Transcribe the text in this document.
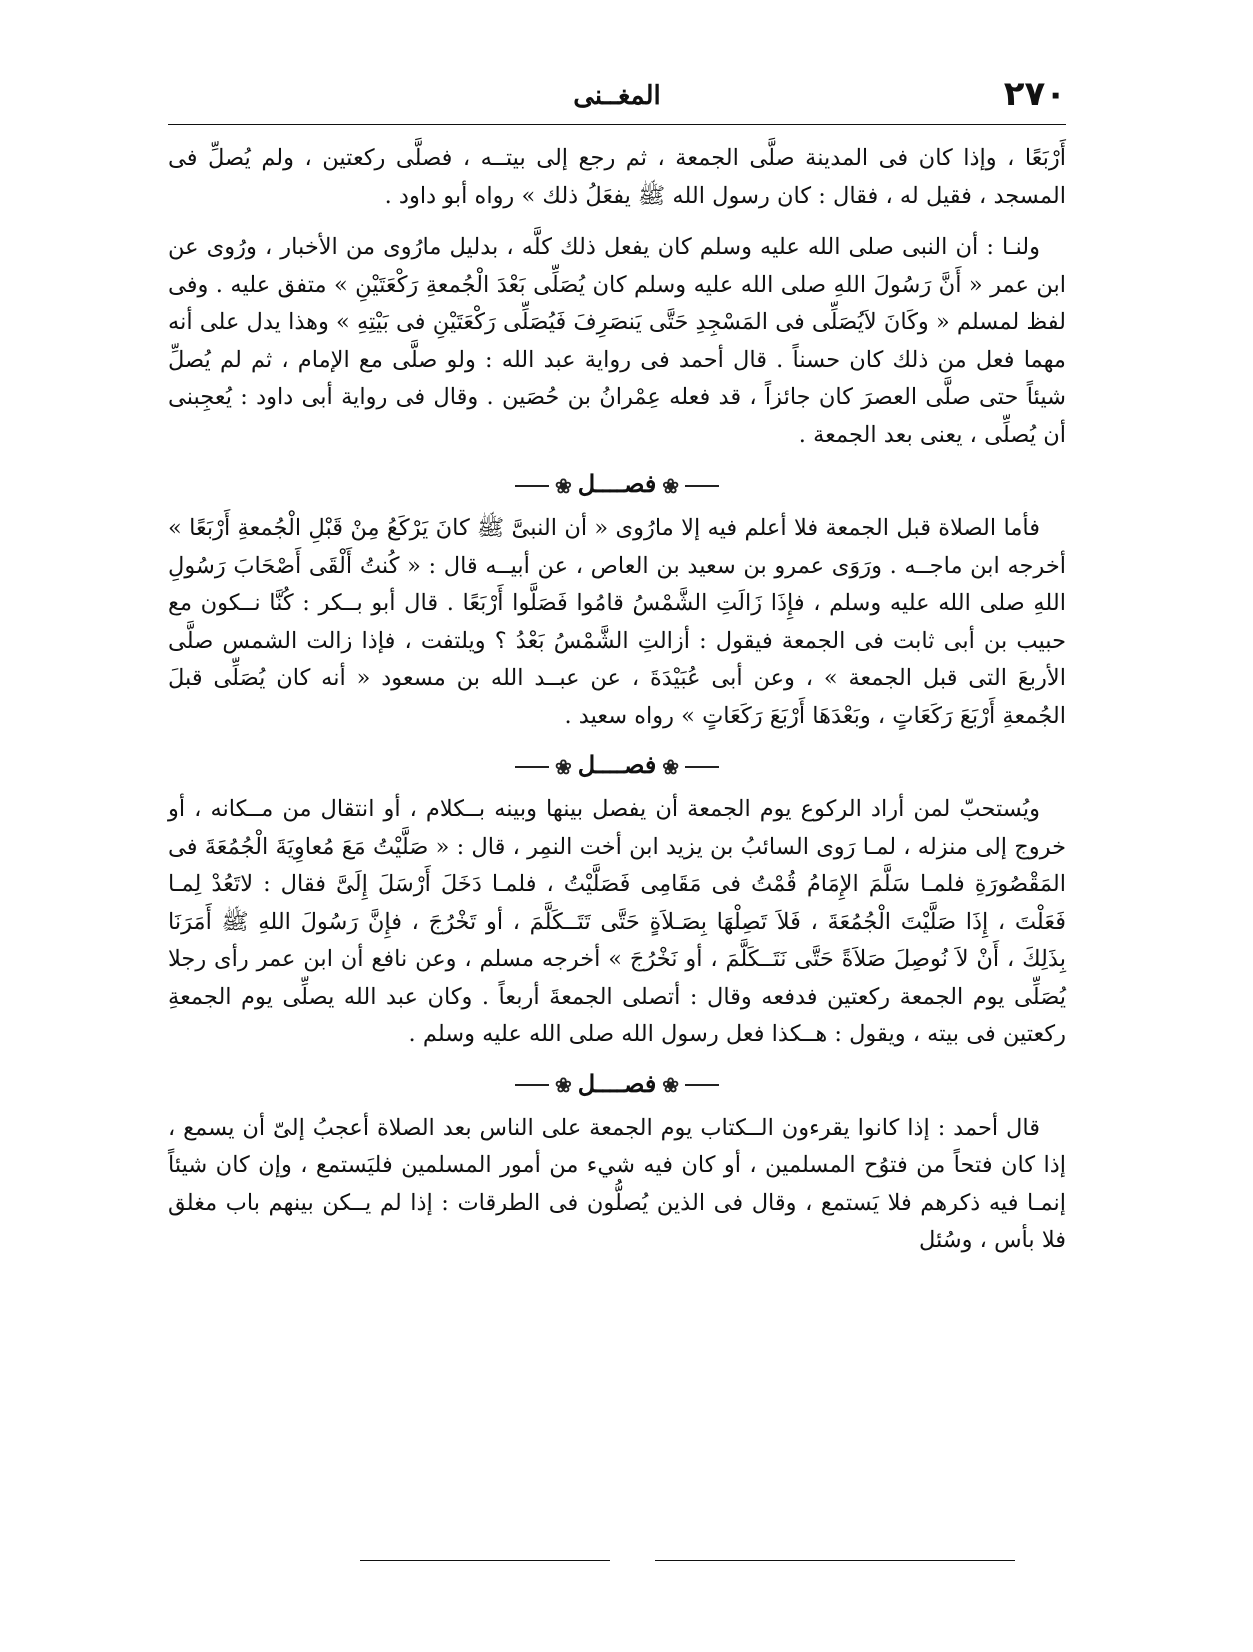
٢٧٠
المغــنى

أَرْبَعًا ، وإذا كان فى المدينة صلَّى الجمعة ، ثم رجع إلى بيتــه ، فصلَّى ركعتين ، ولم يُصلِّ فى المسجد ، فقيل له ، فقال : كان رسول الله ﷺ يفعَلُ ذلك » رواه أبو داود .

ولنـا : أن النبى صلى الله عليه وسلم كان يفعل ذلك كلَّه ، بدليل مارُوى من الأخبار ، ورُوى عن ابن عمر « أَنَّ رَسُولَ اللهِ صلى الله عليه وسلم كان يُصَلِّى بَعْدَ الْجُمعةِ رَكْعَتَيْنِ » متفق عليه . وفى لفظ لمسلم « وكَانَ لاَيُصَلِّى فى المَسْجِدِ حَتَّى يَنصَرِفَ فَيُصَلِّى رَكْعَتَيْنِ فى بَيْتِهِ » وهذا يدل على أنه مهما فعل من ذلك كان حسناً . قال أحمد فى رواية عبد الله : ولو صلَّى مع الإمام ، ثم لم يُصلِّ شيئاً حتى صلَّى العصرَ كان جائزاً ، قد فعله عِمْرانُ بن حُصَين . وقال فى رواية أبى داود : يُعجِبنى أن يُصلِّى ، يعنى بعد الجمعة .

❀فصــــل❀

فأما الصلاة قبل الجمعة فلا أعلم فيه إلا مارُوى « أن النبىَّ ﷺ كانَ يَرْكَعُ مِنْ قَبْلِ الْجُمعةِ أَرْبَعًا » أخرجه ابن ماجــه . ورَوَى عمرو بن سعيد بن العاص ، عن أبيــه قال : « كُنتُ أَلْقَى أَصْحَابَ رَسُولِ اللهِ صلى الله عليه وسلم ، فإِذَا زَالَتِ الشَّمْسُ قامُوا فَصَلَّوا أَرْبَعًا . قال أبو بــكر : كُنَّا نــكون مع حبيب بن أبى ثابت فى الجمعة فيقول : أزالتِ الشَّمْسُ بَعْدُ ؟ ويلتفت ، فإذا زالت الشمس صلَّى الأربعَ التى قبل الجمعة » ، وعن أبى عُبَيْدَةَ ، عن عبــد الله بن مسعود « أنه كان يُصَلِّى قبلَ الجُمعةِ أَرْبَعَ رَكَعَاتٍ ، وبَعْدَهَا أَرْبَعَ رَكَعَاتٍ » رواه سعيد .

❀فصــــل❀

ويُستحبّ لمن أراد الركوع يوم الجمعة أن يفصل بينها وبينه بــكلام ، أو انتقال من مــكانه ، أو خروج إلى منزله ، لمـا رَوى السائبُ بن يزيد ابن أخت النمِر ، قال : « صَلَّيْتُ مَعَ مُعاوِيَةَ الْجُمُعَةَ فى المَقْصُورَةِ فلمـا سَلَّمَ الإِمَامُ قُمْتُ فى مَقَامِى فَصَلَّيْتُ ، فلمـا دَخَلَ أَرْسَلَ إِلَىَّ فقال : لاتَعُدْ لِمـا فَعَلْتَ ، إِذَا صَلَّيْتَ الْجُمُعَةَ ، فَلاَ تَصِلْهَا بِصَـلاَةٍ حَتَّى تَتَــكَلَّمَ ، أو تَخْرُجَ ، فإِنَّ رَسُولَ اللهِ ﷺ أَمَرَنَا بِذَلِكَ ، أَنْ لاَ نُوصِلَ صَلاَةً حَتَّى نَتَــكَلَّمَ ، أو نَخْرُجَ » أخرجه مسلم ، وعن نافع أن ابن عمر رأى رجلا يُصَلِّى يوم الجمعة ركعتين فدفعه وقال : أتصلى الجمعةَ أربعاً . وكان عبد الله يصلِّى يوم الجمعةِ ركعتين فى بيته ، ويقول : هــكذا فعل رسول الله صلى الله عليه وسلم .

❀فصــــل❀

قال أحمد : إذا كانوا يقرءون الــكتاب يوم الجمعة على الناس بعد الصلاة أعجبُ إلىّ أن يسمع ، إذا كان فتحاً من فتوُح المسلمين ، أو كان فيه شيء من أمور المسلمين فليَستمع ، وإن كان شيئاً إنمـا فيه ذكرهم فلا يَستمع ، وقال فى الذين يُصلُّون فى الطرقات : إذا لم يــكن بينهم باب مغلق فلا بأس ، وسُئل
